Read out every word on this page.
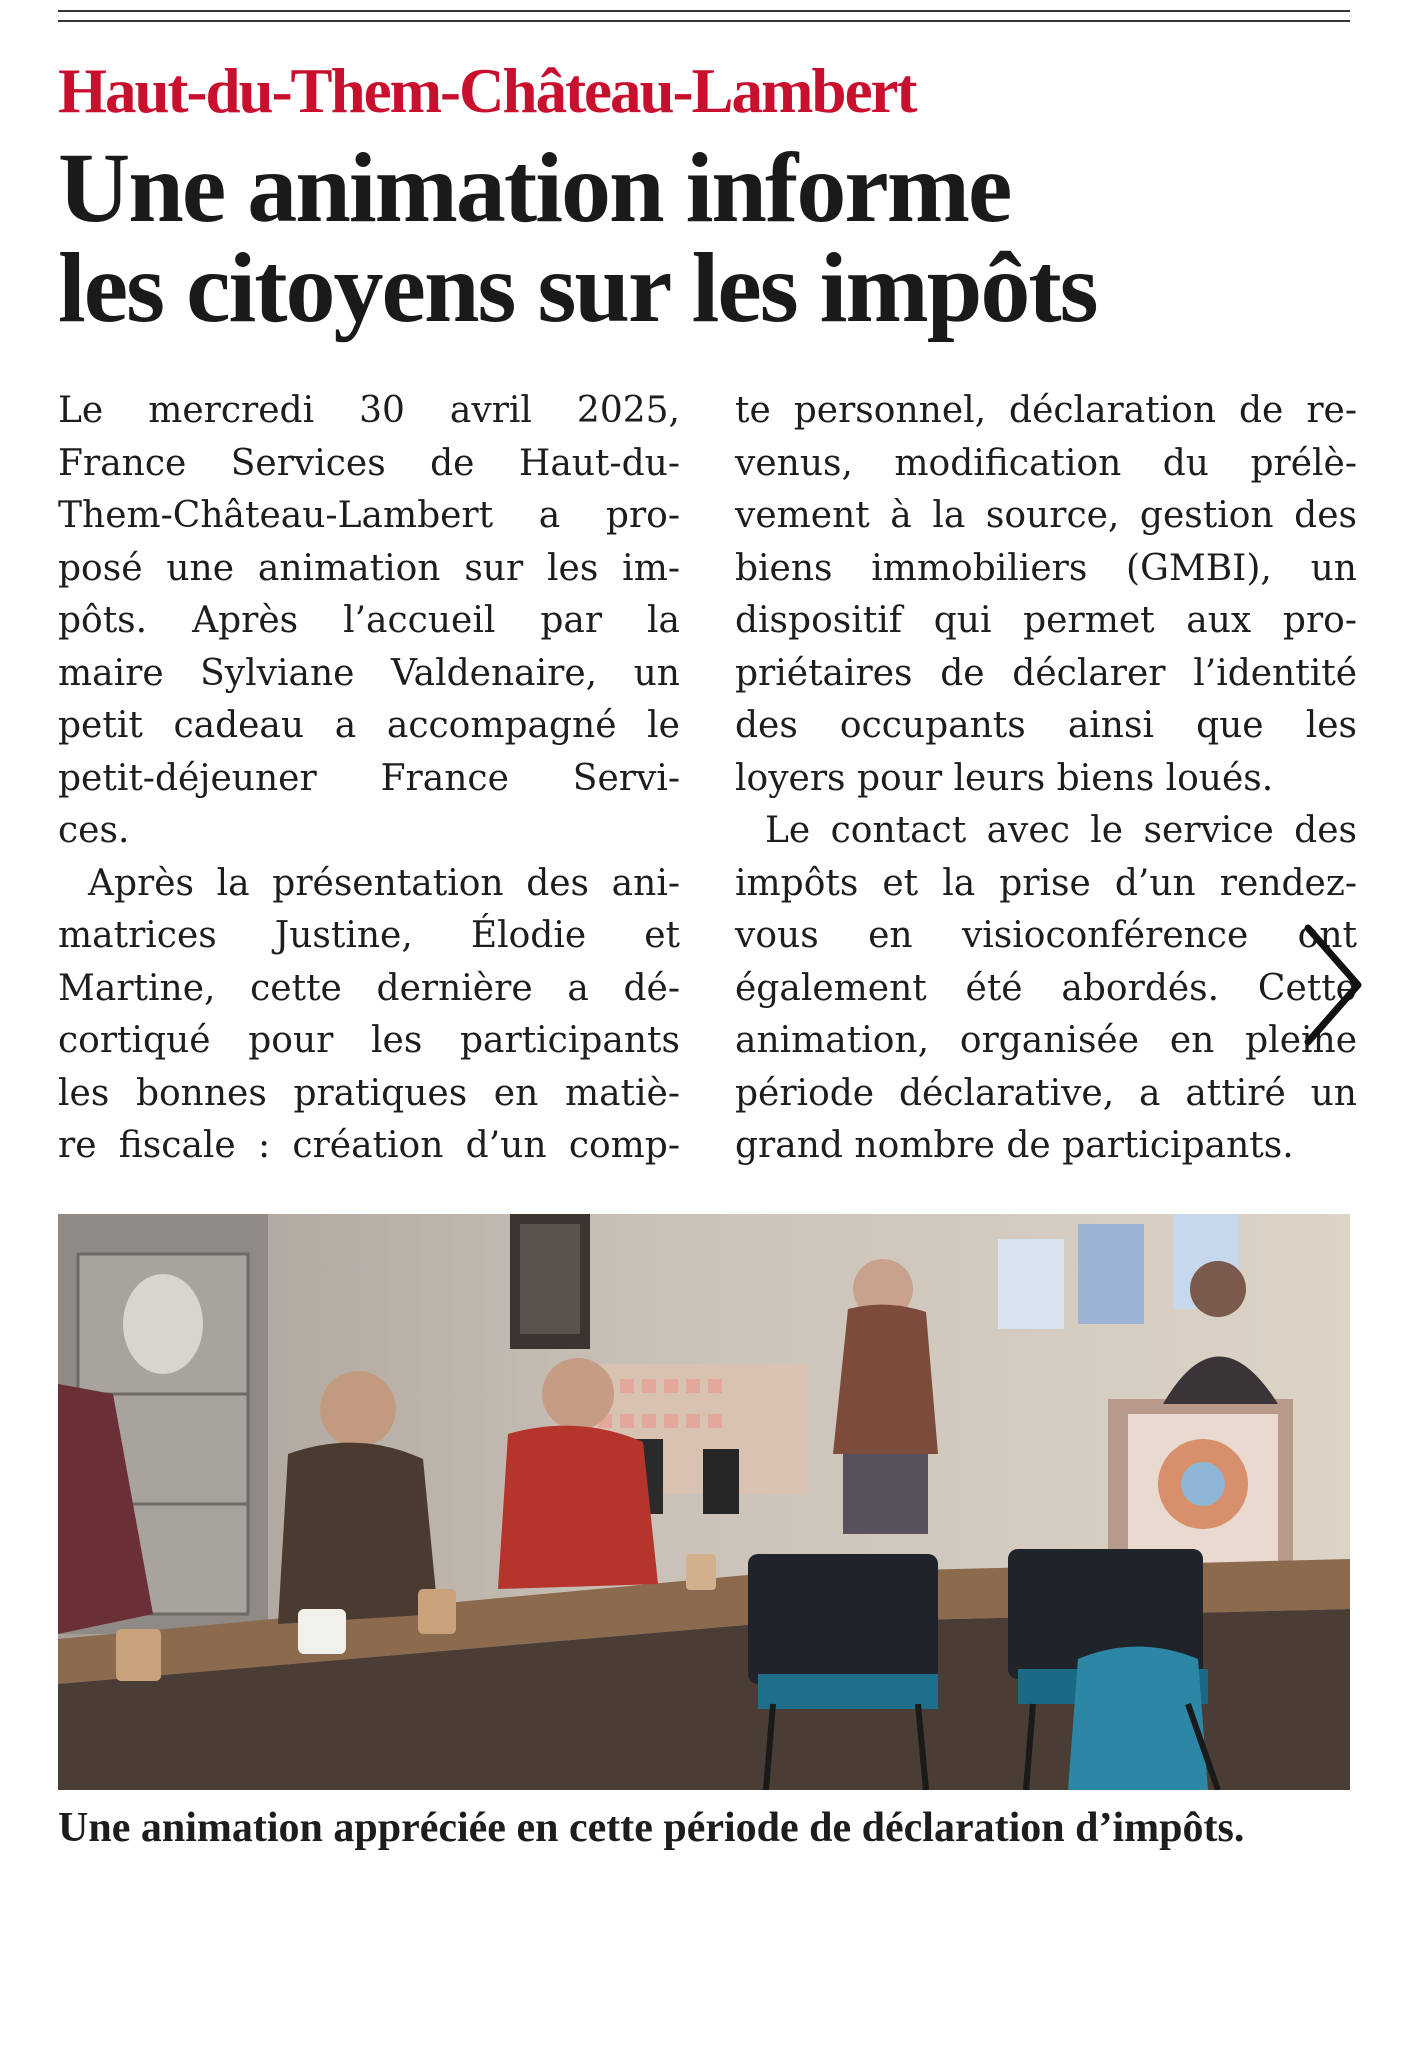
Haut-du-Them-Château-Lambert
Une animation informe
les citoyens sur les impôts

Le mercredi 30 avril 2025,
France Services de Haut-du-
Them-Château-Lambert a pro-
posé une animation sur les im-
pôts. Après l’accueil par la
maire Sylviane Valdenaire, un
petit cadeau a accompagné le
petit-déjeuner France Servi-
ces.

Après la présentation des ani-
matrices Justine, Élodie et
Martine, cette dernière a dé-
cortiqué pour les participants
les bonnes pratiques en matiè-
re fiscale : création d’un comp-

te personnel, déclaration de re-
venus, modification du prélè-
vement à la source, gestion des
biens immobiliers (GMBI), un
dispositif qui permet aux pro-
priétaires de déclarer l’identité
des occupants ainsi que les
loyers pour leurs biens loués.

Le contact avec le service des
impôts et la prise d’un rendez-
vous en visioconférence ont
également été abordés. Cette
animation, organisée en pleine
période déclarative, a attiré un
grand nombre de participants.

Une animation appréciée en cette période de déclaration d’impôts.
